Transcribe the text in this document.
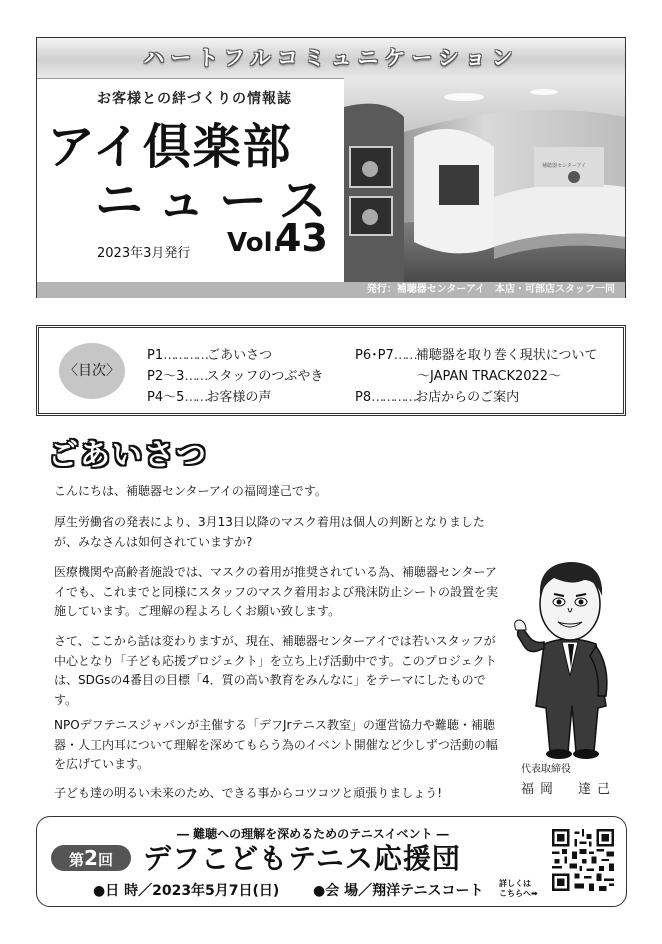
ハートフルコミュニケーション
お客様との絆づくりの情報誌
アイ倶楽部
ニュース
2023年3月発行 Vol.
43
補聴器センターアイ
発行：補聴器センターアイ　本店・可部店スタッフ一同
〈目次〉
P1…………ごあいさつ
P2～3……スタッフのつぶやき
P4～5……お客様の声
P6･P7……補聴器を取り巻く現状について
～JAPAN TRACK2022～
P8…………お店からのご案内
ごあいさつ
こんにちは、補聴器センターアイの福岡達己です。
厚生労働省の発表により、3月13日以降のマスク着用は個人の判断となりましたが、みなさんは如何されていますか?
医療機関や高齢者施設では、マスクの着用が推奨されている為、補聴器センターアイでも、これまでと同様にスタッフのマスク着用および飛沫防止シートの設置を実施しています。ご理解の程よろしくお願い致します。
さて、ここから話は変わりますが、現在、補聴器センターアイでは若いスタッフが中心となり「子ども応援プロジェクト」を立ち上げ活動中です。このプロジェクトは、SDGsの4番目の目標「4．質の高い教育をみんなに」をテーマにしたものです。
NPOデフテニスジャパンが主催する「デフJrテニス教室」の運営協力や難聴・補聴器・人工内耳について理解を深めてもらう為のイベント開催など少しずつ活動の幅を広げています。
子ども達の明るい未来のため、できる事からコツコツと頑張りましょう!
代表取締役
福岡　達己
― 難聴への理解を深めるためのテニスイベント ―
第2回	デフこどもテニス応援団
●日 時／2023年5月7日(日) ●会 場／翔洋テニスコート 詳しくは
こちらへ➡
